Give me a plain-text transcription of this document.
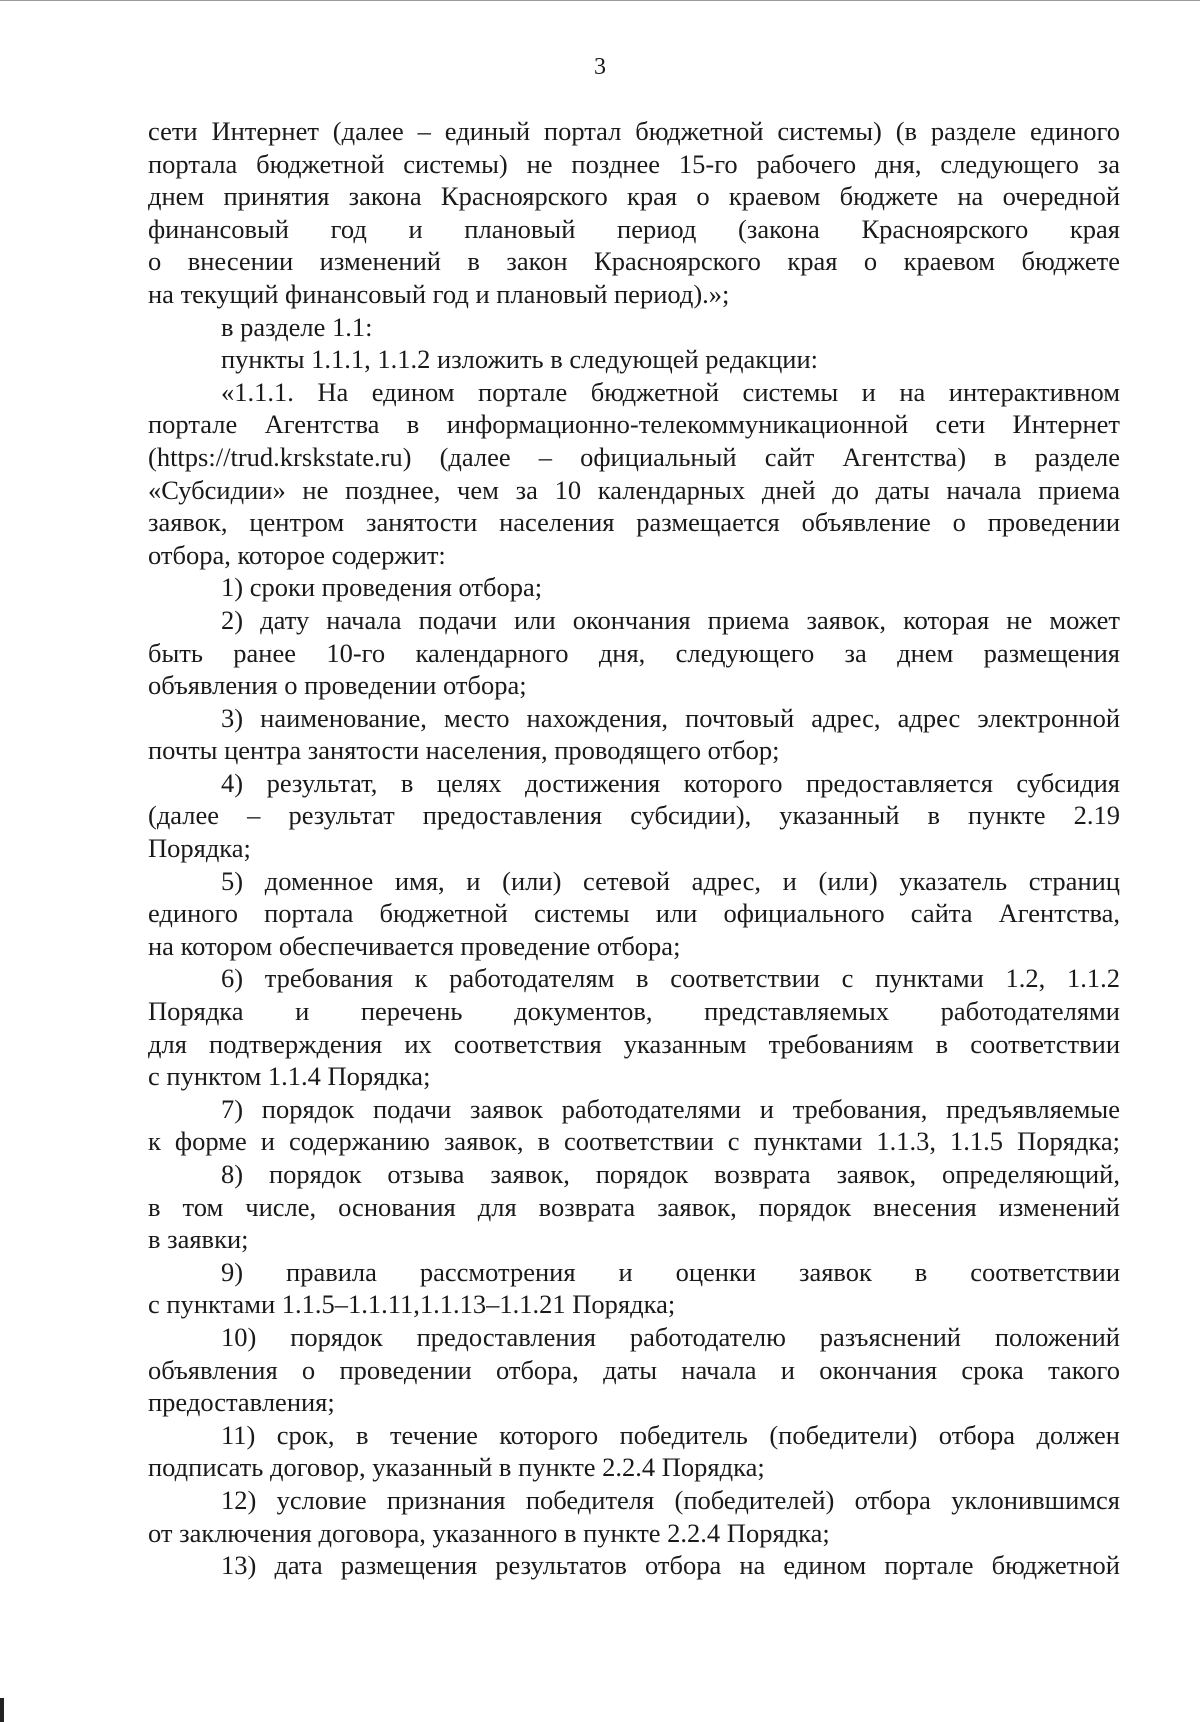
3
сети Интернет (далее – единый портал бюджетной системы) (в разделе единого
портала бюджетной системы) не позднее 15-го рабочего дня, следующего за
днем принятия закона Красноярского края о краевом бюджете на очередной
финансовый год и плановый период (закона Красноярского края
о внесении изменений в закон Красноярского края о краевом бюджете
на текущий финансовый год и плановый период).»;
в разделе 1.1:
пункты 1.1.1, 1.1.2 изложить в следующей редакции:
«1.1.1. На едином портале бюджетной системы и на интерактивном
портале Агентства в информационно-телекоммуникационной сети Интернет
(https://trud.krskstate.ru) (далее – официальный сайт Агентства) в разделе
«Субсидии» не позднее, чем за 10 календарных дней до даты начала приема
заявок, центром занятости населения размещается объявление о проведении
отбора, которое содержит:
1) сроки проведения отбора;
2) дату начала подачи или окончания приема заявок, которая не может
быть ранее 10-го календарного дня, следующего за днем размещения
объявления о проведении отбора;
3) наименование, место нахождения, почтовый адрес, адрес электронной
почты центра занятости населения, проводящего отбор;
4) результат, в целях достижения которого предоставляется субсидия
(далее – результат предоставления субсидии), указанный в пункте 2.19
Порядка;
5) доменное имя, и (или) сетевой адрес, и (или) указатель страниц
единого портала бюджетной системы или официального сайта Агентства,
на котором обеспечивается проведение отбора;
6) требования к работодателям в соответствии с пунктами 1.2, 1.1.2
Порядка и перечень документов, представляемых работодателями
для подтверждения их соответствия указанным требованиям в соответствии
с пунктом 1.1.4 Порядка;
7) порядок подачи заявок работодателями и требования, предъявляемые
к форме и содержанию заявок, в соответствии с пунктами 1.1.3, 1.1.5 Порядка;
8) порядок отзыва заявок, порядок возврата заявок, определяющий,
в том числе, основания для возврата заявок, порядок внесения изменений
в заявки;
9) правила рассмотрения и оценки заявок в соответствии
с пунктами 1.1.5–1.1.11,1.1.13–1.1.21 Порядка;
10) порядок предоставления работодателю разъяснений положений
объявления о проведении отбора, даты начала и окончания срока такого
предоставления;
11) срок, в течение которого победитель (победители) отбора должен
подписать договор, указанный в пункте 2.2.4 Порядка;
12) условие признания победителя (победителей) отбора уклонившимся
от заключения договора, указанного в пункте 2.2.4 Порядка;
13) дата размещения результатов отбора на едином портале бюджетной
